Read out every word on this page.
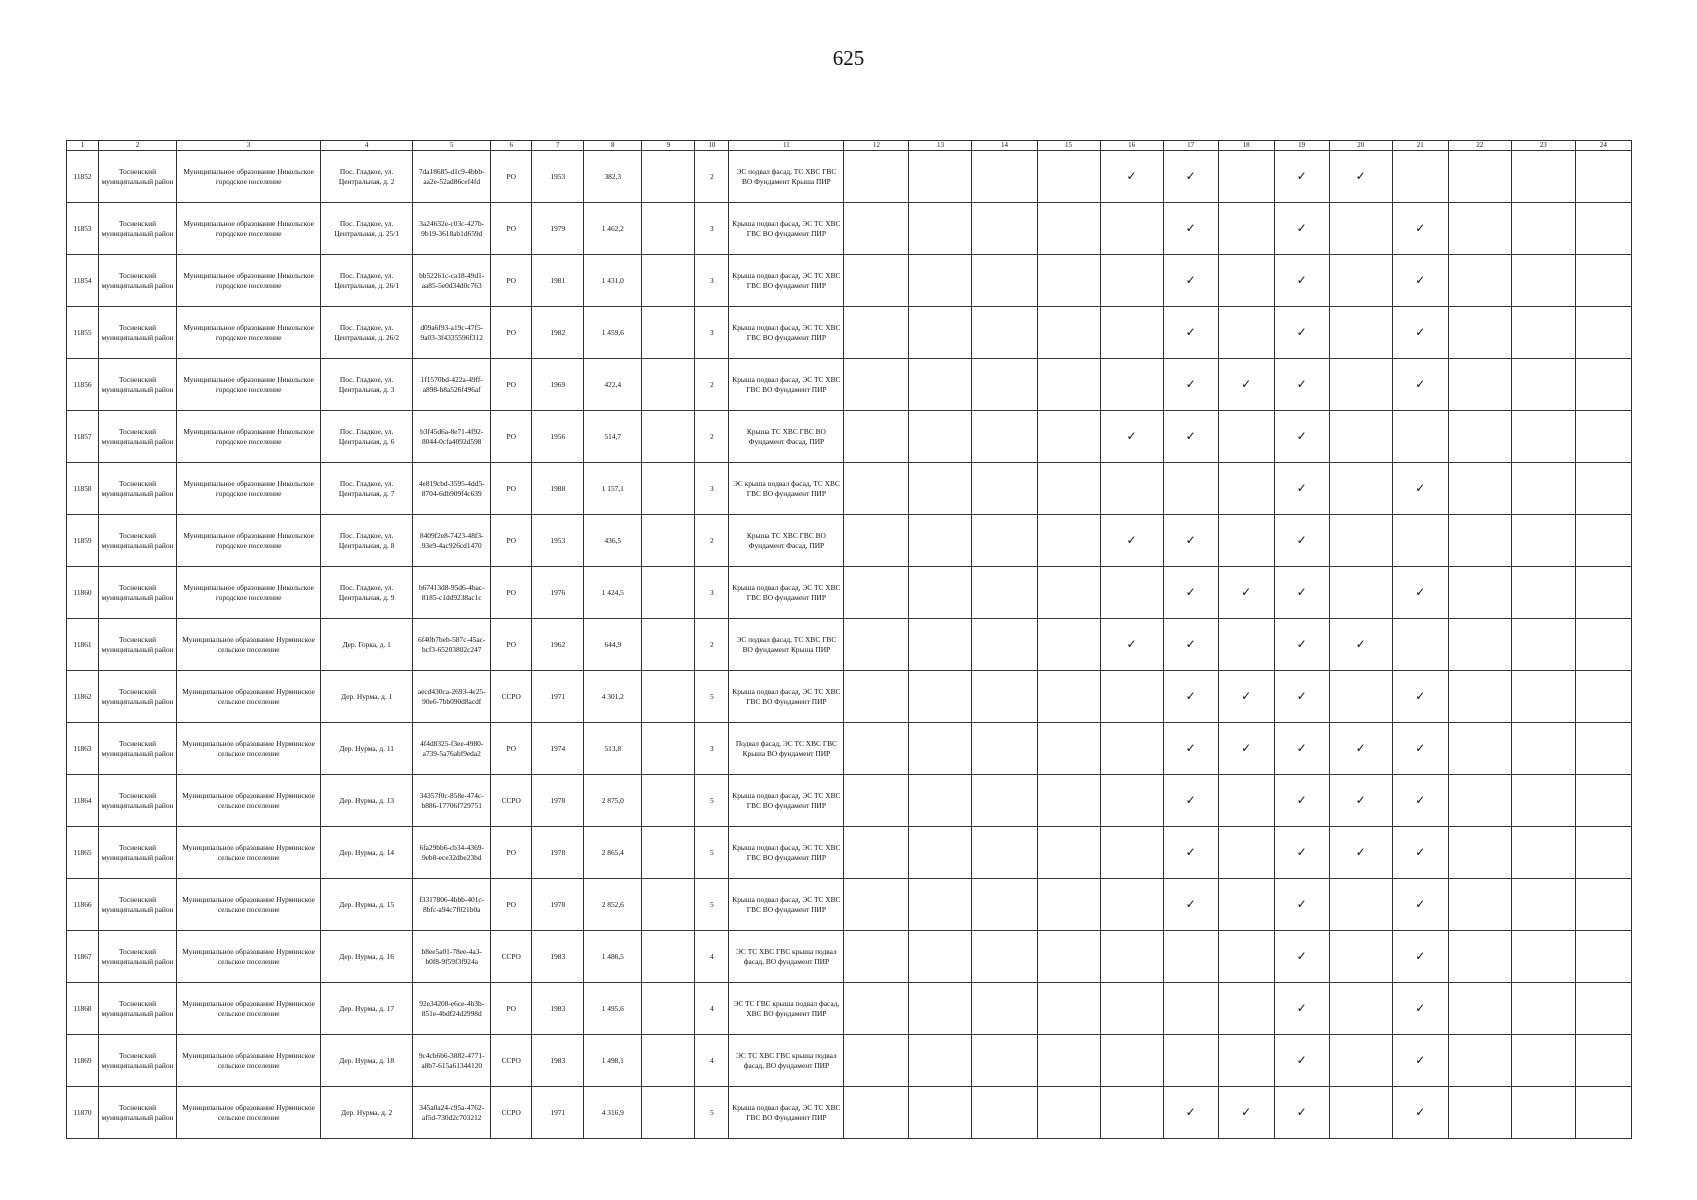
625
1	2	3	4	5	6	7	8	9	10	11	12	13	14	15	16	17	18	19	20	21	22	23	24
11852	Тосненский муниципальный район	Муниципальное образование Никольское городское поселение	Пос. Гладкое, ул. Центральная, д. 2	7da18685-d1c9-4bbb-aa2e-52ad86cef4fd	РО	1953	382,3		2	ЭС подвал фасад, ТС ХВС ГВС ВО Фундамент Крыша ПИР					✓	✓		✓	✓				
11853	Тосненский муниципальный район	Муниципальное образование Никольское городское поселение	Пос. Гладкое, ул. Центральная, д. 25/1	3a24632e-c03c-427b-9b19-3618ab1d659d	РО	1979	1 462,2		3	Крыша подвал фасад, ЭС ТС ХВС ГВС ВО фундамент ПИР						✓		✓		✓			
11854	Тосненский муниципальный район	Муниципальное образование Никольское городское поселение	Пос. Гладкое, ул. Центральная, д. 26/1	bb52261c-ca18-49d1-aa85-5e0d34d0c763	РО	1981	1 431,0		3	Крыша подвал фасад, ЭС ТС ХВС ГВС ВО фундамент ПИР						✓		✓		✓			
11855	Тосненский муниципальный район	Муниципальное образование Никольское городское поселение	Пос. Гладкое, ул. Центральная, д. 26/2	d09a6f93-a19c-47f5-9a03-3f4335596f312	РО	1982	1 459,6		3	Крыша подвал фасад, ЭС ТС ХВС ГВС ВО фундамент ПИР						✓		✓		✓			
11856	Тосненский муниципальный район	Муниципальное образование Никольское городское поселение	Пос. Гладкое, ул. Центральная, д. 3	1f1570bd-422a-49ff-a898-b8a526f496af	РО	1969	422,4		2	Крыша подвал фасад, ЭС ТС ХВС ГВС ВО Фундамент ПИР						✓	✓	✓		✓			
11857	Тосненский муниципальный район	Муниципальное образование Никольское городское поселение	Пос. Гладкое, ул. Центральная, д. 6	b3f45d6a-8e71-4f92-8044-0cfa4092d598	РО	1956	514,7		2	Крыша ТС ХВС ГВС ВО Фундамент Фасад, ПИР					✓	✓		✓					
11858	Тосненский муниципальный район	Муниципальное образование Никольское городское поселение	Пос. Гладкое, ул. Центральная, д. 7	4e819cbd-3595-4dd5-8704-6db909f4c639	РО	1988	1 157,1		3	ЭС крыша подвал фасад, ТС ХВС ГВС ВО фундамент ПИР								✓		✓			
11859	Тосненский муниципальный район	Муниципальное образование Никольское городское поселение	Пос. Гладкое, ул. Центральная, д. 8	8409f2e8-7423-48f3-93e9-4ac926cd1470	РО	1953	436,5		2	Крыша ТС ХВС ГВС ВО Фундамент Фасад, ПИР					✓	✓		✓					
11860	Тосненский муниципальный район	Муниципальное образование Никольское городское поселение	Пос. Гладкое, ул. Центральная, д. 9	b67413d8-95d6-4bac-8185-c1dd9238ac1c	РО	1976	1 424,5		3	Крыша подвал фасад, ЭС ТС ХВС ГВС ВО фундамент ПИР						✓	✓	✓		✓			
11861	Тосненский муниципальный район	Муниципальное образование Нурминское сельское поселение	Дер. Горка, д. 1	6f40b7beb-587c-45ac-bcf3-65203802c247	РО	1962	644,9		2	ЭС подвал фасад, ТС ХВС ГВС ВО фундамент Крыша ПИР					✓	✓		✓	✓				
11862	Тосненский муниципальный район	Муниципальное образование Нурминское сельское поселение	Дер. Нурма, д. 1	aecd430ca-2693-4e25-90e6-7bb090d8acdf	СCPO	1971	4 301,2		5	Крыша подвал фасад, ЭС ТС ХВС ГВС ВО Фундамент ПИР						✓	✓	✓		✓			
11863	Тосненский муниципальный район	Муниципальное образование Нурминское сельское поселение	Дер. Нурма, д. 11	4f4d8325-f3ee-4980-a739-5a76abf9eda2	РО	1974	513,8		3	Подвал фасад, ЭС ТС ХВС ГВС Крыша ВО фундамент ПИР						✓	✓	✓	✓	✓			
11864	Тосненский муниципальный район	Муниципальное образование Нурминское сельское поселение	Дер. Нурма, д. 13	34357f0c-858e-474c-b886-17706f729751	СCPO	1978	2 875,0		5	Крыша подвал фасад, ЭС ТС ХВС ГВС ВО фундамент ПИР						✓		✓	✓	✓			
11865	Тосненский муниципальный район	Муниципальное образование Нурминское сельское поселение	Дер. Нурма, д. 14	6fa29bb6-cb34-4369-9eb8-ece32dbe23bd	РО	1978	2 865,4		5	Крыша подвал фасад, ЭС ТС ХВС ГВС ВО фундамент ПИР						✓		✓	✓	✓			
11866	Тосненский муниципальный район	Муниципальное образование Нурминское сельское поселение	Дер. Нурма, д. 15	f3317806-4bbb-401c-8bfc-a94c7f021b0a	РО	1978	2 852,6		5	Крыша подвал фасад, ЭС ТС ХВС ГВС ВО фундамент ПИР						✓		✓		✓			
11867	Тосненский муниципальный район	Муниципальное образование Нурминское сельское поселение	Дер. Нурма, д. 16	b8ee5a01-78ee-4a3-b0f8-9f59f3f924a	СCPO	1983	1 486,5		4	ЭС ТС ХВС ГВС крыша подвал фасад, ВО фундамент ПИР								✓		✓			
11868	Тосненский муниципальный район	Муниципальное образование Нурминское сельское поселение	Дер. Нурма, д. 17	92e34208-e6ce-4b3b-851e-4bdf24d2998d	РО	1983	1 495,6		4	ЭС ТС ГВС крыша подвал фасад, ХВС ВО фундамент ПИР								✓		✓			
11869	Тосненский муниципальный район	Муниципальное образование Нурминское сельское поселение	Дер. Нурма, д. 18	9c4cb6b6-3882-4771-a8b7-615a61344120	СCPO	1983	1 498,1		4	ЭС ТС ХВС ГВС крыша подвал фасад, ВО фундамент ПИР								✓		✓			
11870	Тосненский муниципальный район	Муниципальное образование Нурминское сельское поселение	Дер. Нурма, д. 2	345a0a24-c95a-4762-af5d-730d2c703212	СCPO	1971	4 316,9		5	Крыша подвал фасад, ЭС ТС ХВС ГВС ВО Фундамент ПИР						✓	✓	✓		✓			
